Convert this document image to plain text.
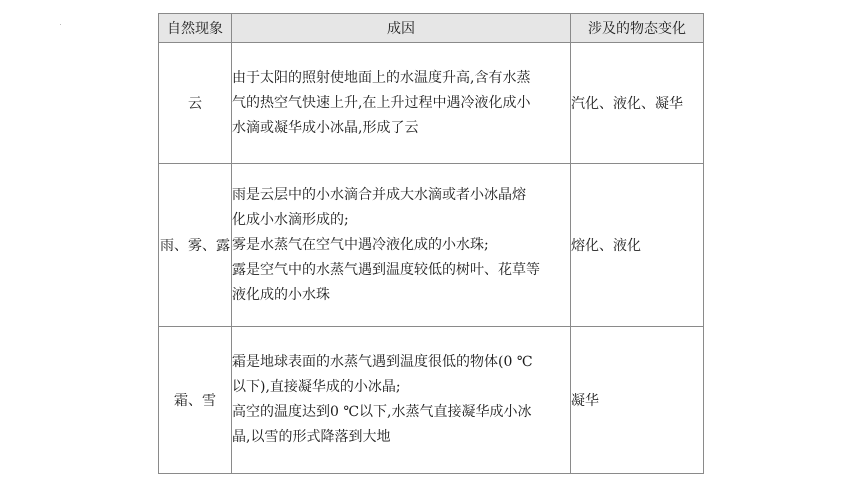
自然现象	成因	涉及的物态变化
云	由于太阳的照射使地面上的水温度升高,含有水蒸
气的热空气快速上升,在上升过程中遇冷液化成小
水滴或凝华成小冰晶,形成了云	汽化、液化、凝华
雨、雾、露	雨是云层中的小水滴合并成大水滴或者小冰晶熔
化成小水滴形成的;
雾是水蒸气在空气中遇冷液化成的小水珠;
露是空气中的水蒸气遇到温度较低的树叶、花草等
液化成的小水珠	熔化、液化
霜、雪	霜是地球表面的水蒸气遇到温度很低的物体(0 ℃
以下),直接凝华成的小冰晶;
高空的温度达到0 ℃以下,水蒸气直接凝华成小冰
晶,以雪的形式降落到大地	凝华
